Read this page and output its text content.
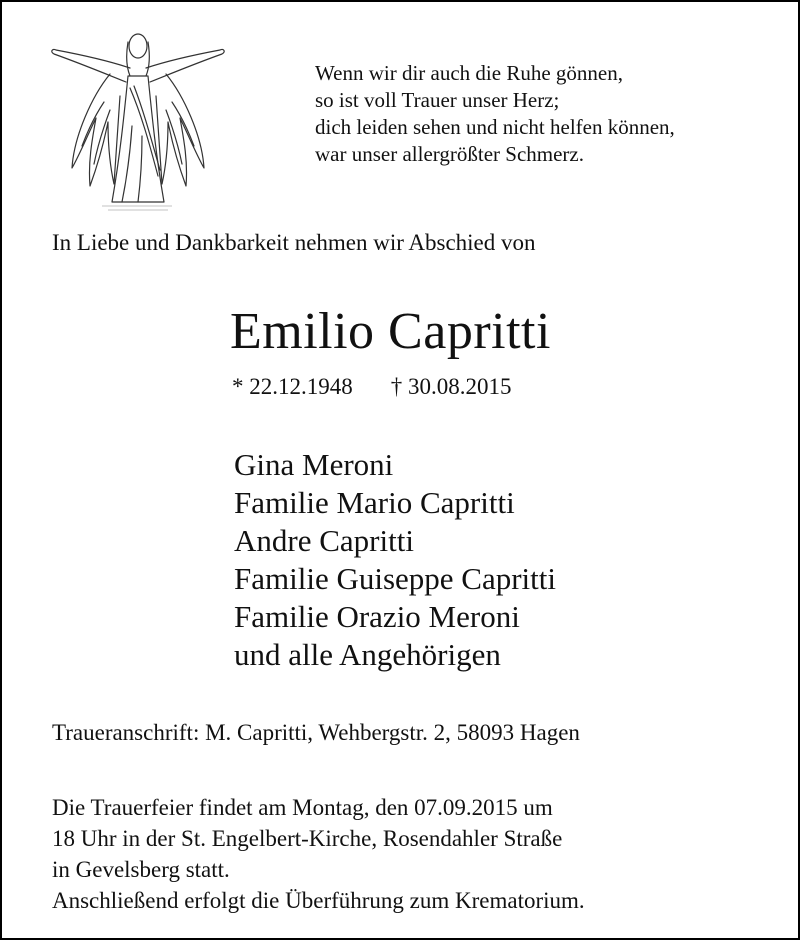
Wenn wir dir auch die Ruhe gönnen,
so ist voll Trauer unser Herz;
dich leiden sehen und nicht helfen können,
war unser allergrößter Schmerz.
In Liebe und Dankbarkeit nehmen wir Abschied von
Emilio Capritti
* 22.12.1948 † 30.08.2015
Gina Meroni
Familie Mario Capritti
Andre Capritti
Familie Guiseppe Capritti
Familie Orazio Meroni
und alle Angehörigen
Traueranschrift: M. Capritti, Wehbergstr. 2, 58093 Hagen
Die Trauerfeier findet am Montag, den 07.09.2015 um
18 Uhr in der St. Engelbert-Kirche, Rosendahler Straße
in Gevelsberg statt.
Anschließend erfolgt die Überführung zum Krematorium.
